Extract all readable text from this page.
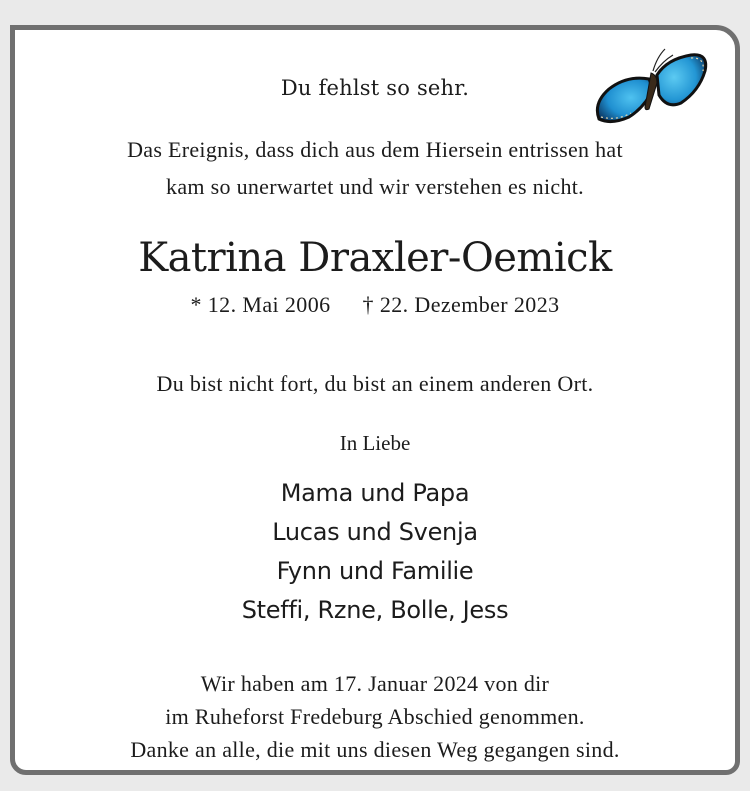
Du fehlst so sehr.
Das Ereignis, dass dich aus dem Hiersein entrissen hat
kam so unerwartet und wir verstehen es nicht.
Katrina Draxler-Oemick
* 12. Mai 2006 † 22. Dezember 2023
Du bist nicht fort, du bist an einem anderen Ort.
In Liebe
Mama und Papa
Lucas und Svenja
Fynn und Familie
Steffi, Rzne, Bolle, Jess
Wir haben am 17. Januar 2024 von dir
im Ruheforst Fredeburg Abschied genommen.
Danke an alle, die mit uns diesen Weg gegangen sind.
